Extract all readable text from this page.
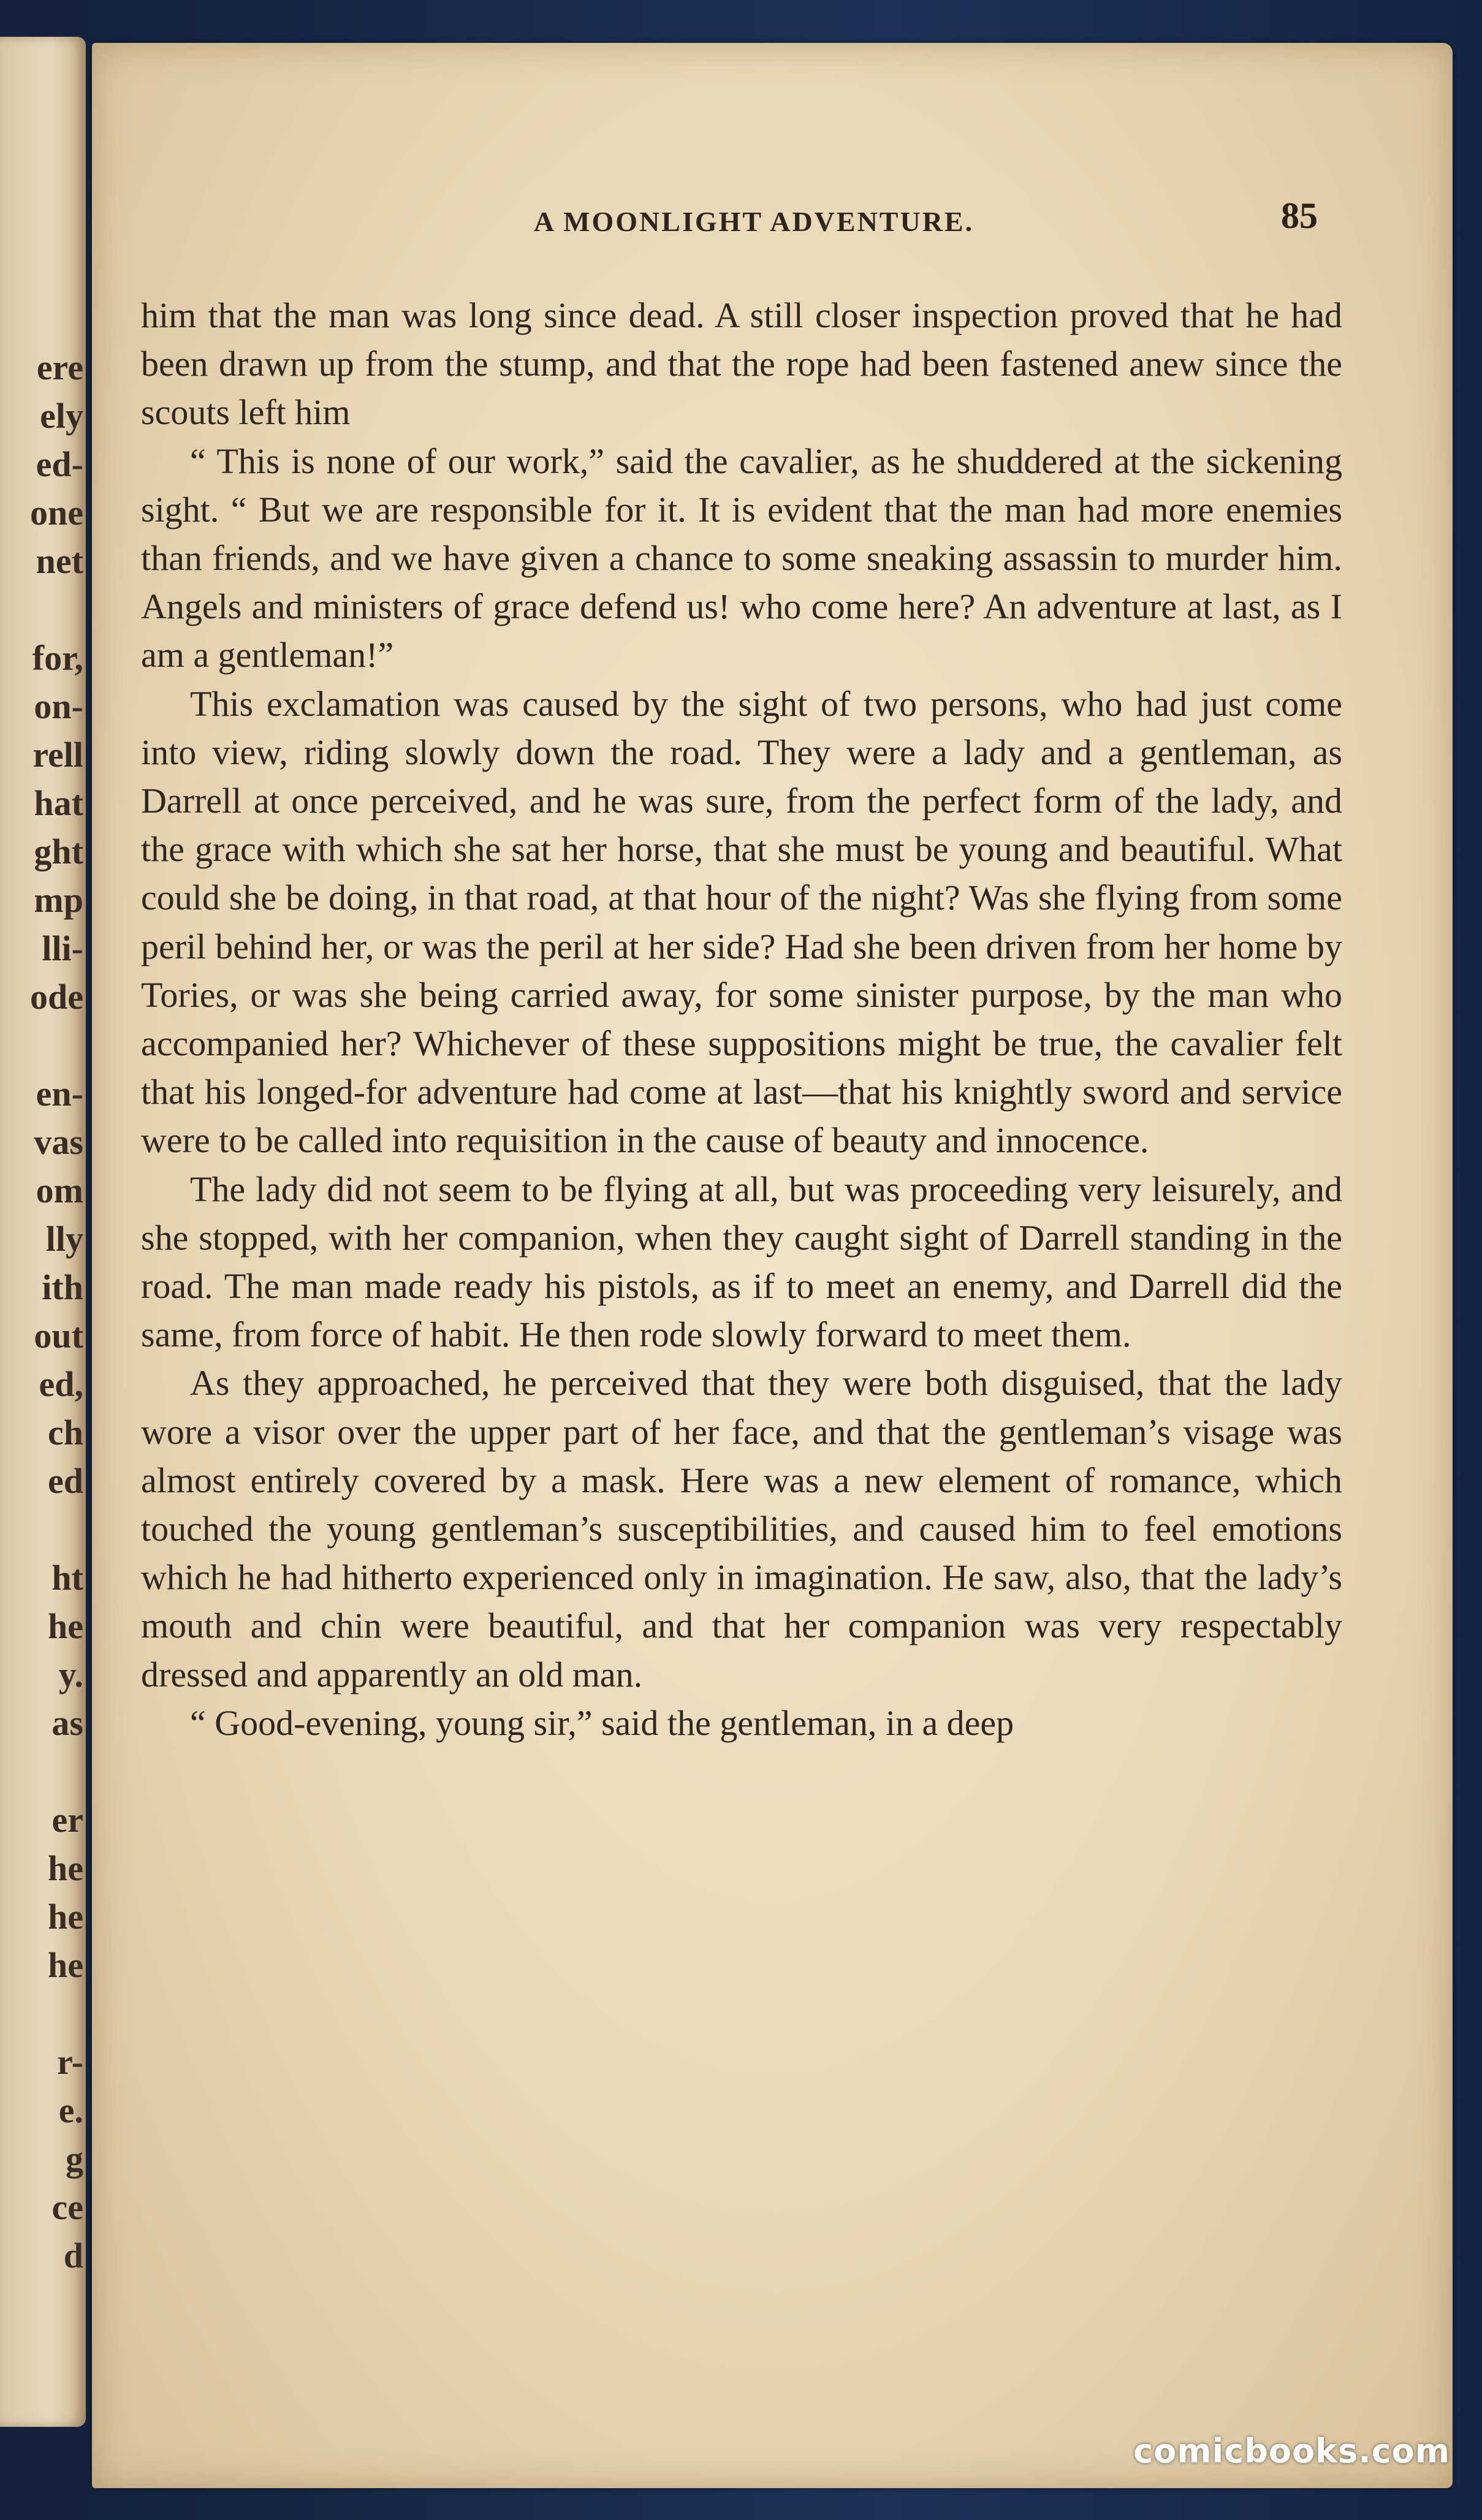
ere
ely
ed-
one
net
for,
on-
rell
hat
ght
mp
lli-
ode
en-
vas
om
lly
ith
out
ed,
ch
ed
ht
he
y.
as
er
he
he
he
r-
e.
g
ce
d
A MOONLIGHT ADVENTURE.	85

him that the man was long since dead. A still closer inspection proved that he had been drawn up from the stump, and that the rope had been fastened anew since the scouts left him

“ This is none of our work,” said the cavalier, as he shuddered at the sickening sight. “ But we are responsible for it. It is evident that the man had more enemies than friends, and we have given a chance to some sneaking assassin to murder him. Angels and ministers of grace defend us! who come here? An adventure at last, as I am a gentleman!”

This exclamation was caused by the sight of two persons, who had just come into view, riding slowly down the road. They were a lady and a gentleman, as Darrell at once perceived, and he was sure, from the perfect form of the lady, and the grace with which she sat her horse, that she must be young and beautiful. What could she be doing, in that road, at that hour of the night? Was she flying from some peril behind her, or was the peril at her side? Had she been driven from her home by Tories, or was she being carried away, for some sinister purpose, by the man who accompanied her? Whichever of these suppositions might be true, the cavalier felt that his longed-for adventure had come at last—that his knightly sword and service were to be called into requisition in the cause of beauty and innocence.

The lady did not seem to be flying at all, but was proceeding very leisurely, and she stopped, with her companion, when they caught sight of Darrell standing in the road. The man made ready his pistols, as if to meet an enemy, and Darrell did the same, from force of habit. He then rode slowly forward to meet them.

As they approached, he perceived that they were both disguised, that the lady wore a visor over the upper part of her face, and that the gentleman’s visage was almost entirely covered by a mask. Here was a new element of romance, which touched the young gentleman’s susceptibilities, and caused him to feel emotions which he had hitherto experienced only in imagination. He saw, also, that the lady’s mouth and chin were beautiful, and that her companion was very respectably dressed and apparently an old man.

“ Good-evening, young sir,” said the gentleman, in a deep

comicbooks.com
